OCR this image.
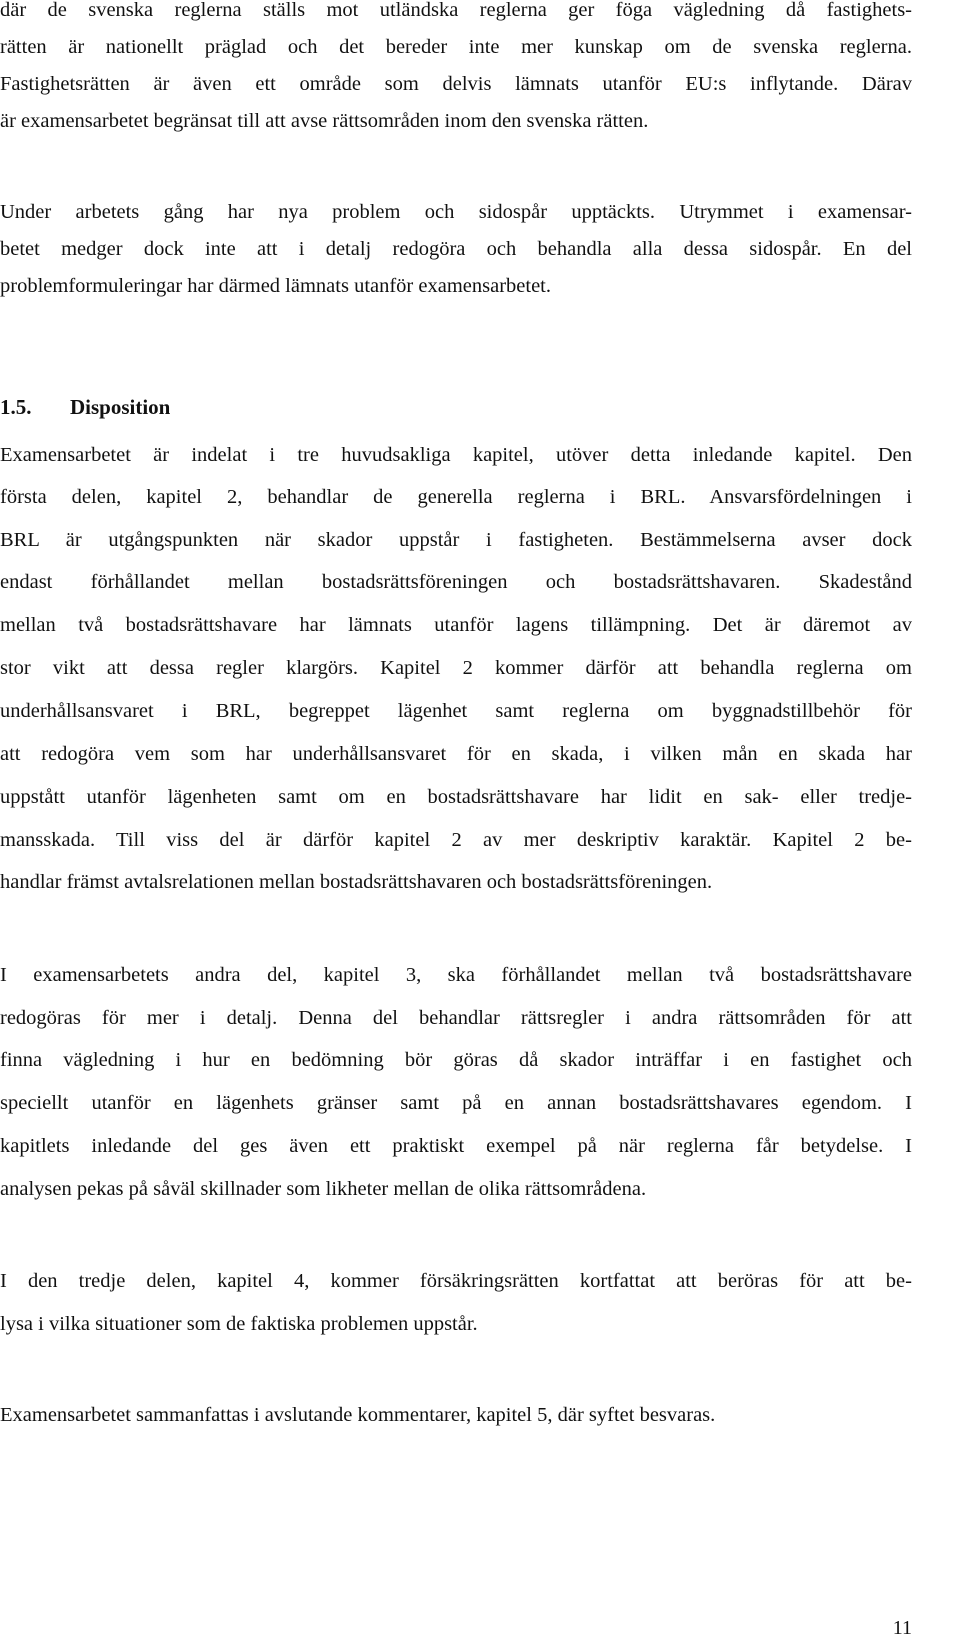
där de svenska reglerna ställs mot utländska reglerna ger föga vägledning då fastighets-
rätten är nationellt präglad och det bereder inte mer kunskap om de svenska reglerna.
Fastighetsrätten är även ett område som delvis lämnats utanför EU:s inflytande. Därav
är examensarbetet begränsat till att avse rättsområden inom den svenska rätten.
Under arbetets gång har nya problem och sidospår upptäckts. Utrymmet i examensar-
betet medger dock inte att i detalj redogöra och behandla alla dessa sidospår. En del
problemformuleringar har därmed lämnats utanför examensarbetet.
1.5. Disposition
Examensarbetet är indelat i tre huvudsakliga kapitel, utöver detta inledande kapitel. Den
första delen, kapitel 2, behandlar de generella reglerna i BRL. Ansvarsfördelningen i
BRL är utgångspunkten när skador uppstår i fastigheten. Bestämmelserna avser dock
endast förhållandet mellan bostadsrättsföreningen och bostadsrättshavaren. Skadestånd
mellan två bostadsrättshavare har lämnats utanför lagens tillämpning. Det är däremot av
stor vikt att dessa regler klargörs. Kapitel 2 kommer därför att behandla reglerna om
underhållsansvaret i BRL, begreppet lägenhet samt reglerna om byggnadstillbehör för
att redogöra vem som har underhållsansvaret för en skada, i vilken mån en skada har
uppstått utanför lägenheten samt om en bostadsrättshavare har lidit en sak- eller tredje-
mansskada. Till viss del är därför kapitel 2 av mer deskriptiv karaktär. Kapitel 2 be-
handlar främst avtalsrelationen mellan bostadsrättshavaren och bostadsrättsföreningen.
I examensarbetets andra del, kapitel 3, ska förhållandet mellan två bostadsrättshavare
redogöras för mer i detalj. Denna del behandlar rättsregler i andra rättsområden för att
finna vägledning i hur en bedömning bör göras då skador inträffar i en fastighet och
speciellt utanför en lägenhets gränser samt på en annan bostadsrättshavares egendom. I
kapitlets inledande del ges även ett praktiskt exempel på när reglerna får betydelse. I
analysen pekas på såväl skillnader som likheter mellan de olika rättsområdena.
I den tredje delen, kapitel 4, kommer försäkringsrätten kortfattat att beröras för att be-
lysa i vilka situationer som de faktiska problemen uppstår.
Examensarbetet sammanfattas i avslutande kommentarer, kapitel 5, där syftet besvaras.
11
